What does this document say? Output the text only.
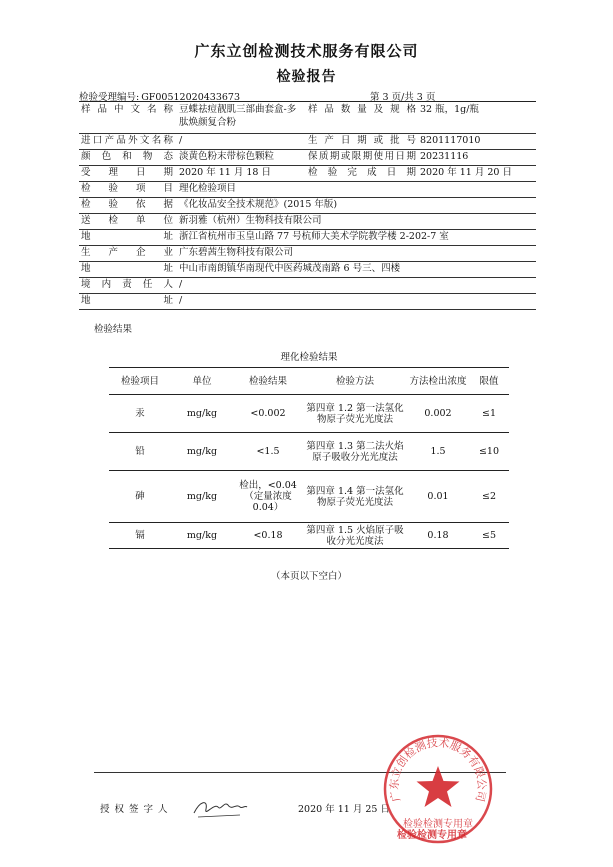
广东立创检测技术服务有限公司
检验报告
检验受理编号: GF00512020433673	第 3 页/共 3 页
样品中文名称	豆蝶祛痘靓肌三部曲套盒-多肽焕颜复合粉	样品数量及规格	32 瓶，1g/瓶
进口产品外文名称	/	生产日期或批号	8201117010
颜色和物态	淡黄色粉末带棕色颗粒	保质期或限期使用日期	20231116
受理日期	2020 年 11 月 18 日	检验完成日期	2020 年 11 月 20 日
检验项目	理化检验项目		
检验依据	《化妆品安全技术规范》(2015 年版)		
送检单位	新羽雅（杭州）生物科技有限公司		
地址	浙江省杭州市玉皇山路 77 号杭师大美术学院教学楼 2-202-7 室		
生产企业	广东碧茜生物科技有限公司		
地址	中山市南朗镇华南现代中医药城茂南路 6 号三、四楼		
境内责任人	/		
地址	/		
检验结果
理化检验结果
检验项目	单位	检验结果	检验方法	方法检出浓度	限值
汞	mg/kg	<0.002	第四章 1.2 第一法氢化物原子荧光光度法	0.002	≤1
铅	mg/kg	<1.5	第四章 1.3 第二法火焰原子吸收分光光度法	1.5	≤10
砷	mg/kg	检出，<0.04（定量浓度 0.04）	第四章 1.4 第一法氢化物原子荧光光度法	0.01	≤2
镉	mg/kg	<0.18	第四章 1.5 火焰原子吸收分光光度法	0.18	≤5
（本页以下空白）
授权签字人	2020 年 11 月 25 日
广东立创检测技术服务有限公司
检验检测专用章
检验检测专用章
